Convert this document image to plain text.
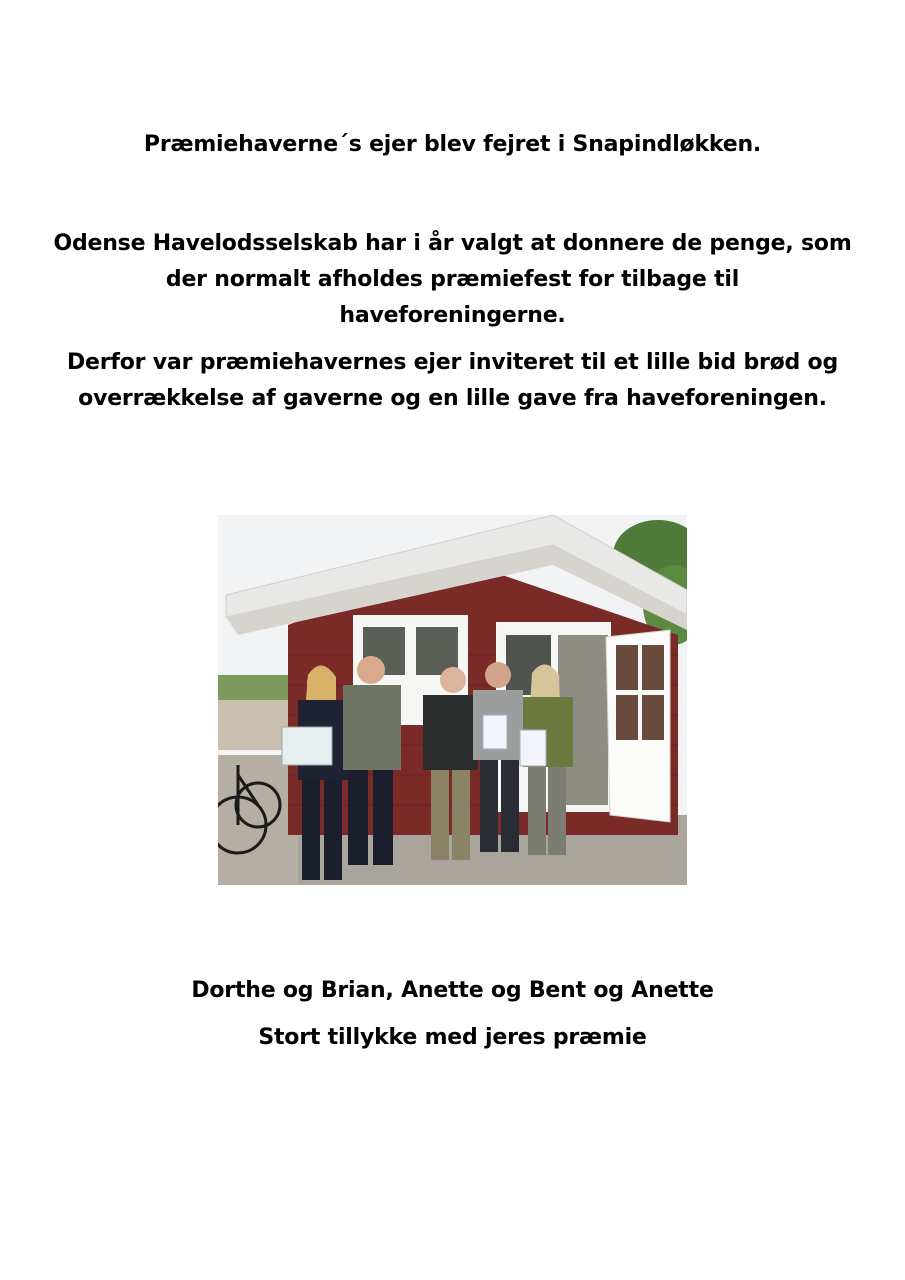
Præmiehaverne´s ejer blev fejret i Snapindløkken.
Odense Havelodsselskab har i år valgt at donnere de penge, som
der normalt afholdes præmiefest for tilbage til
haveforeningerne.
Derfor var præmiehavernes ejer inviteret til et lille bid brød og
overrækkelse af gaverne og en lille gave fra haveforeningen.
Dorthe og Brian, Anette og Bent og Anette
Stort tillykke med jeres præmie
